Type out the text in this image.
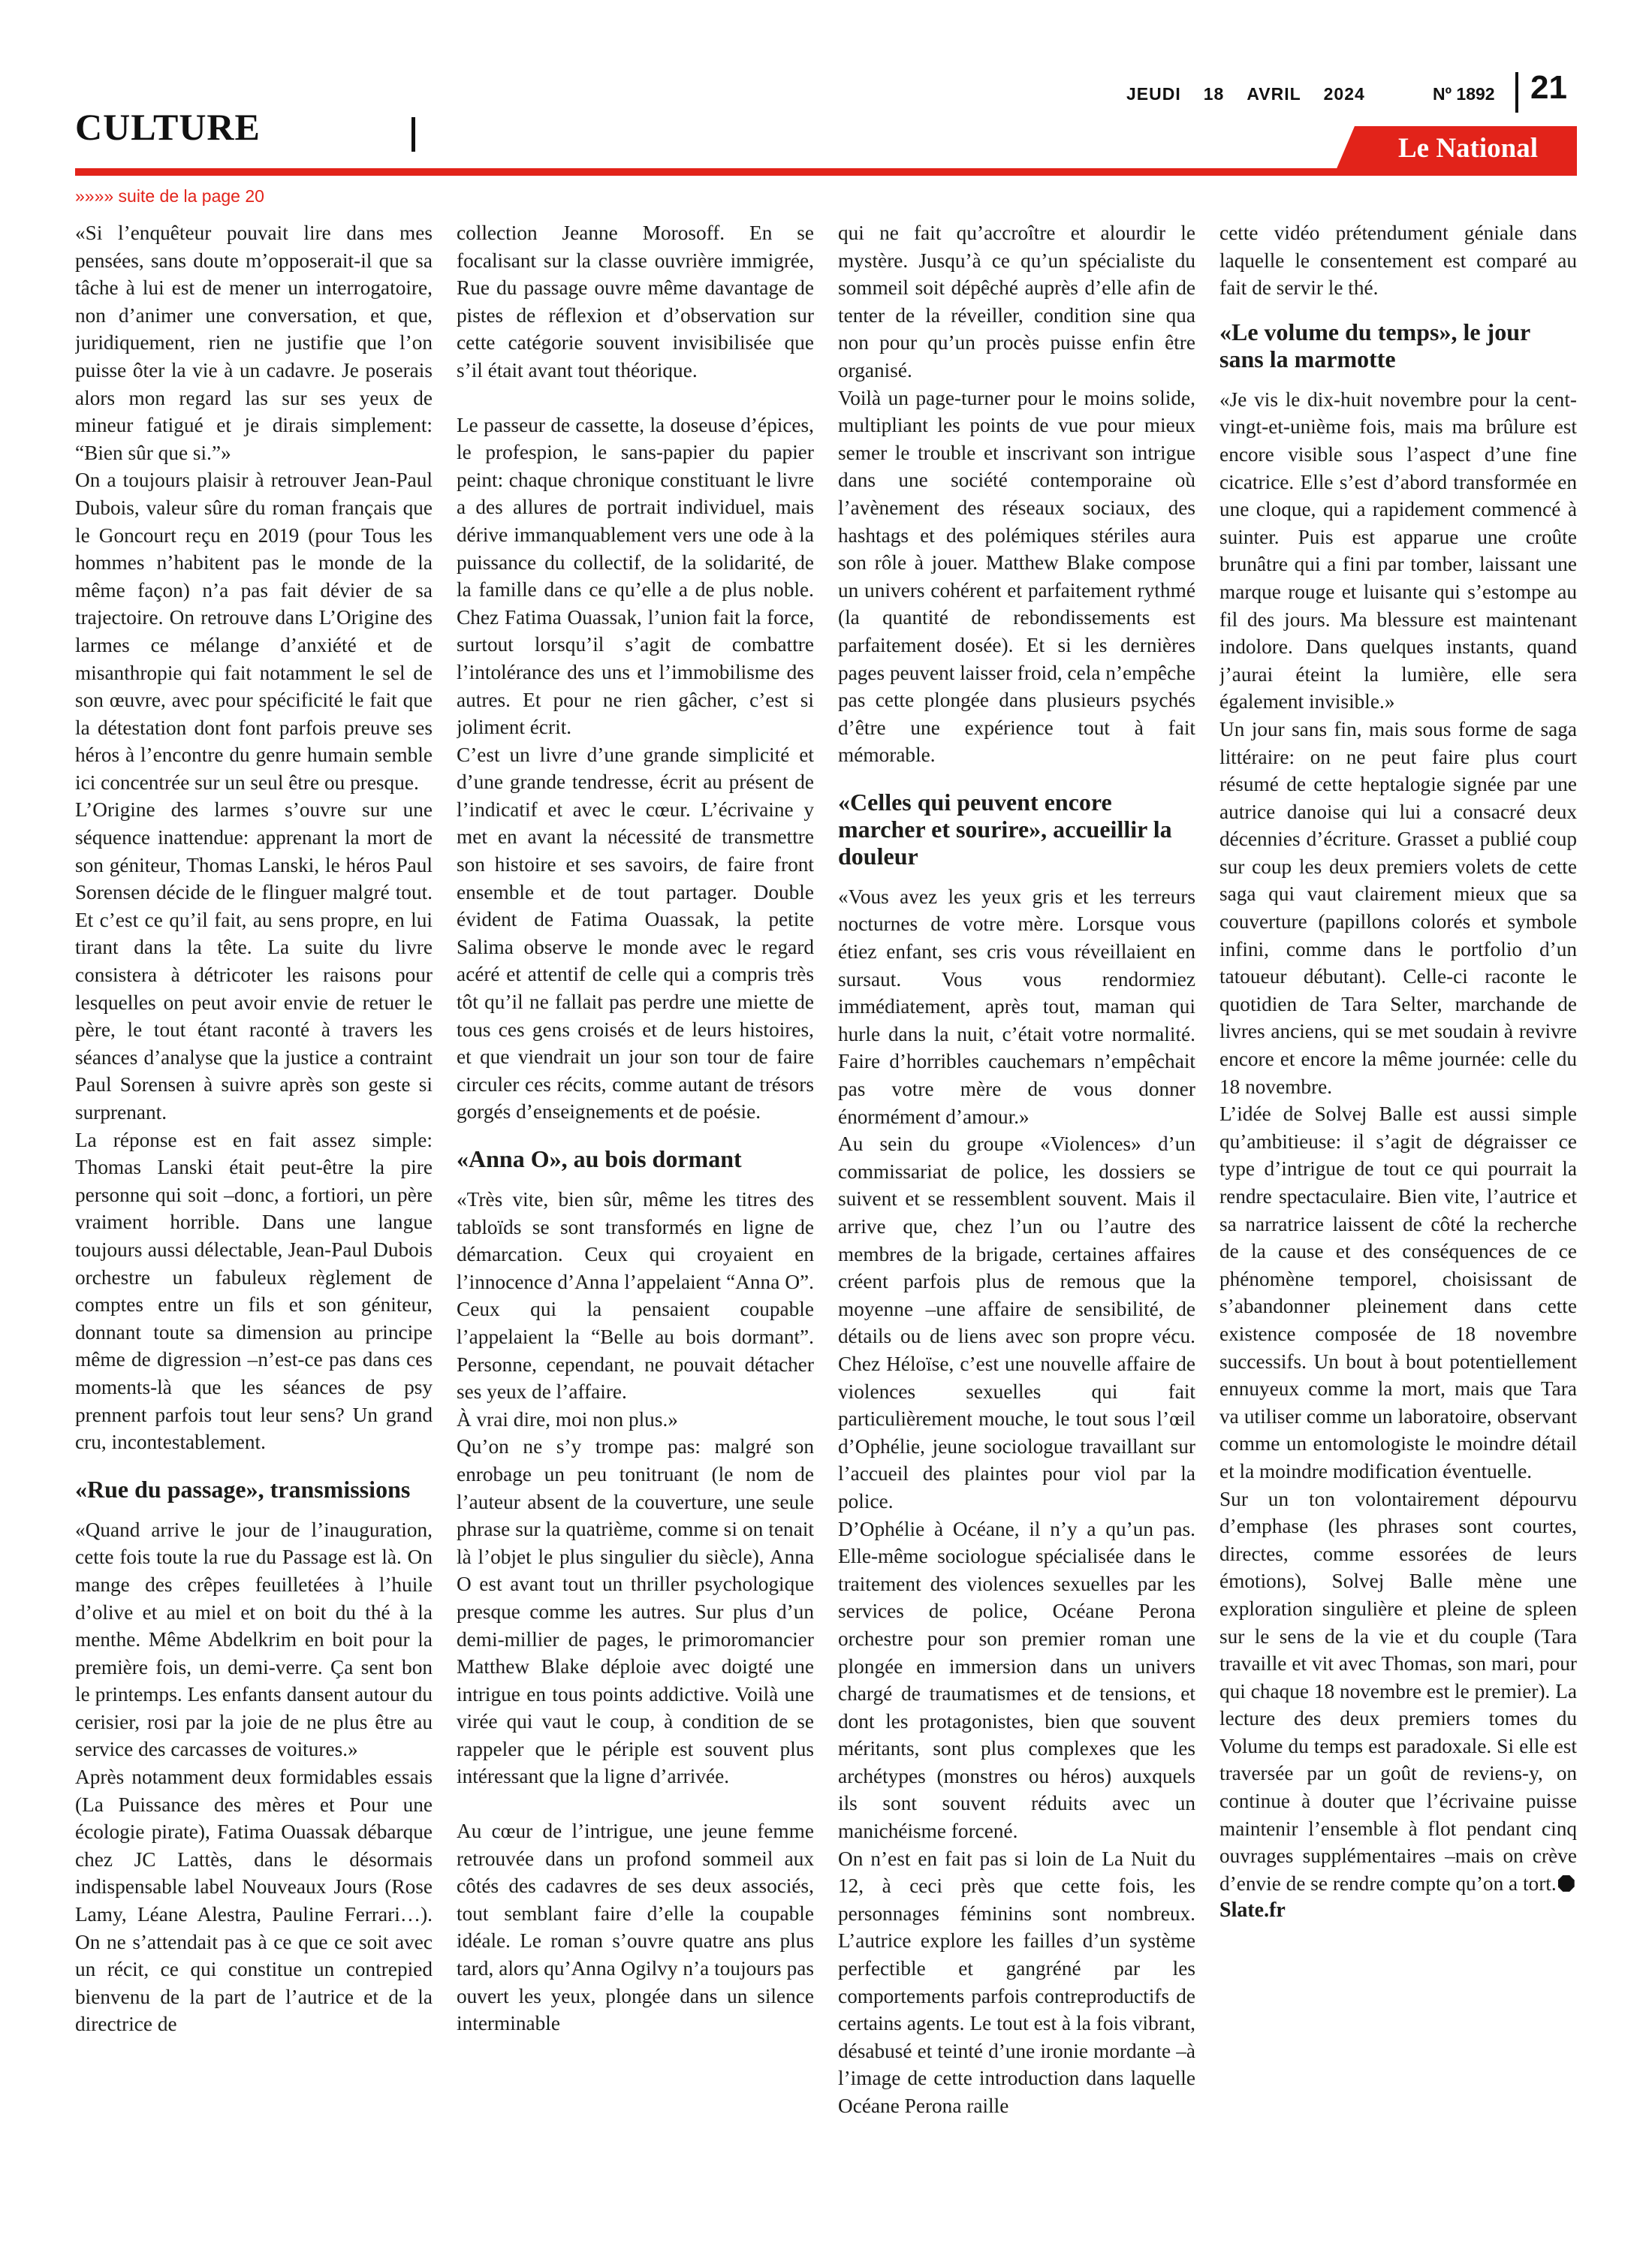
CULTURE
JEUDI 18 AVRIL 2024	Nº 1892 21
Le National
»»»» suite de la page 20

«Si l’enquêteur pouvait lire dans mes pensées, sans doute m’opposerait-il que sa tâche à lui est de mener un interrogatoire, non d’animer une conversation, et que, juridiquement, rien ne justifie que l’on puisse ôter la vie à un cadavre. Je poserais alors mon regard las sur ses yeux de mineur fatigué et je dirais simplement: “Bien sûr que si.”»

On a toujours plaisir à retrouver Jean-Paul Dubois, valeur sûre du roman français que le Goncourt reçu en 2019 (pour Tous les hommes n’habitent pas le monde de la même façon) n’a pas fait dévier de sa trajectoire. On retrouve dans L’Origine des larmes ce mélange d’anxiété et de misanthropie qui fait notamment le sel de son œuvre, avec pour spécificité le fait que la détestation dont font parfois preuve ses héros à l’encontre du genre humain semble ici concentrée sur un seul être ou presque.

L’Origine des larmes s’ouvre sur une séquence inattendue: apprenant la mort de son géniteur, Thomas Lanski, le héros Paul Sorensen décide de le flinguer malgré tout. Et c’est ce qu’il fait, au sens propre, en lui tirant dans la tête. La suite du livre consistera à détricoter les raisons pour lesquelles on peut avoir envie de retuer le père, le tout étant raconté à travers les séances d’analyse que la justice a contraint Paul Sorensen à suivre après son geste si surprenant.

La réponse est en fait assez simple: Thomas Lanski était peut-être la pire personne qui soit –donc, a fortiori, un père vraiment horrible. Dans une langue toujours aussi délectable, Jean-Paul Dubois orchestre un fabuleux règlement de comptes entre un fils et son géniteur, donnant toute sa dimension au principe même de digression –n’est-ce pas dans ces moments-là que les séances de psy prennent parfois tout leur sens? Un grand cru, incontestablement.

«Rue du passage», transmissions

«Quand arrive le jour de l’inauguration, cette fois toute la rue du Passage est là. On mange des crêpes feuilletées à l’huile d’olive et au miel et on boit du thé à la menthe. Même Abdelkrim en boit pour la première fois, un demi-verre. Ça sent bon le printemps. Les enfants dansent autour du cerisier, rosi par la joie de ne plus être au service des carcasses de voitures.»

Après notamment deux formidables essais (La Puissance des mères et Pour une écologie pirate), Fatima Ouassak débarque chez JC Lattès, dans le désormais indispensable label Nouveaux Jours (Rose Lamy, Léane Alestra, Pauline Ferrari…). On ne s’attendait pas à ce que ce soit avec un récit, ce qui constitue un contrepied bienvenu de la part de l’autrice et de la directrice de

collection Jeanne Morosoff. En se focalisant sur la classe ouvrière immigrée, Rue du passage ouvre même davantage de pistes de réflexion et d’observation sur cette catégorie souvent invisibilisée que s’il était avant tout théorique.

Le passeur de cassette, la doseuse d’épices, le profespion, le sans-papier du papier peint: chaque chronique constituant le livre a des allures de portrait individuel, mais dérive immanquablement vers une ode à la puissance du collectif, de la solidarité, de la famille dans ce qu’elle a de plus noble. Chez Fatima Ouassak, l’union fait la force, surtout lorsqu’il s’agit de combattre l’intolérance des uns et l’immobilisme des autres. Et pour ne rien gâcher, c’est si joliment écrit.

C’est un livre d’une grande simplicité et d’une grande tendresse, écrit au présent de l’indicatif et avec le cœur. L’écrivaine y met en avant la nécessité de transmettre son histoire et ses savoirs, de faire front ensemble et de tout partager. Double évident de Fatima Ouassak, la petite Salima observe le monde avec le regard acéré et attentif de celle qui a compris très tôt qu’il ne fallait pas perdre une miette de tous ces gens croisés et de leurs histoires, et que viendrait un jour son tour de faire circuler ces récits, comme autant de trésors gorgés d’enseignements et de poésie.

«Anna O», au bois dormant

«Très vite, bien sûr, même les titres des tabloïds se sont transformés en ligne de démarcation. Ceux qui croyaient en l’innocence d’Anna l’appelaient “Anna O”. Ceux qui la pensaient coupable l’appelaient la “Belle au bois dormant”. Personne, cependant, ne pouvait détacher ses yeux de l’affaire.

À vrai dire, moi non plus.»

Qu’on ne s’y trompe pas: malgré son enrobage un peu tonitruant (le nom de l’auteur absent de la couverture, une seule phrase sur la quatrième, comme si on tenait là l’objet le plus singulier du siècle), Anna O est avant tout un thriller psychologique presque comme les autres. Sur plus d’un demi-millier de pages, le primoromancier Matthew Blake déploie avec doigté une intrigue en tous points addictive. Voilà une virée qui vaut le coup, à condition de se rappeler que le périple est souvent plus intéressant que la ligne d’arrivée.

Au cœur de l’intrigue, une jeune femme retrouvée dans un profond sommeil aux côtés des cadavres de ses deux associés, tout semblant faire d’elle la coupable idéale. Le roman s’ouvre quatre ans plus tard, alors qu’Anna Ogilvy n’a toujours pas ouvert les yeux, plongée dans un silence interminable

qui ne fait qu’accroître et alourdir le mystère. Jusqu’à ce qu’un spécialiste du sommeil soit dépêché auprès d’elle afin de tenter de la réveiller, condition sine qua non pour qu’un procès puisse enfin être organisé.

Voilà un page-turner pour le moins solide, multipliant les points de vue pour mieux semer le trouble et inscrivant son intrigue dans une société contemporaine où l’avènement des réseaux sociaux, des hashtags et des polémiques stériles aura son rôle à jouer. Matthew Blake compose un univers cohérent et parfaitement rythmé (la quantité de rebondissements est parfaitement dosée). Et si les dernières pages peuvent laisser froid, cela n’empêche pas cette plongée dans plusieurs psychés d’être une expérience tout à fait mémorable.

«Celles qui peuvent encore marcher et sourire», accueillir la douleur

«Vous avez les yeux gris et les terreurs nocturnes de votre mère. Lorsque vous étiez enfant, ses cris vous réveillaient en sursaut. Vous vous rendormiez immédiatement, après tout, maman qui hurle dans la nuit, c’était votre normalité. Faire d’horribles cauchemars n’empêchait pas votre mère de vous donner énormément d’amour.»

Au sein du groupe «Violences» d’un commissariat de police, les dossiers se suivent et se ressemblent souvent. Mais il arrive que, chez l’un ou l’autre des membres de la brigade, certaines affaires créent parfois plus de remous que la moyenne –une affaire de sensibilité, de détails ou de liens avec son propre vécu. Chez Héloïse, c’est une nouvelle affaire de violences sexuelles qui fait particulièrement mouche, le tout sous l’œil d’Ophélie, jeune sociologue travaillant sur l’accueil des plaintes pour viol par la police.

D’Ophélie à Océane, il n’y a qu’un pas. Elle-même sociologue spécialisée dans le traitement des violences sexuelles par les services de police, Océane Perona orchestre pour son premier roman une plongée en immersion dans un univers chargé de traumatismes et de tensions, et dont les protagonistes, bien que souvent méritants, sont plus complexes que les archétypes (monstres ou héros) auxquels ils sont souvent réduits avec un manichéisme forcené.

On n’est en fait pas si loin de La Nuit du 12, à ceci près que cette fois, les personnages féminins sont nombreux. L’autrice explore les failles d’un système perfectible et gangréné par les comportements parfois contreproductifs de certains agents. Le tout est à la fois vibrant, désabusé et teinté d’une ironie mordante –à l’image de cette introduction dans laquelle Océane Perona raille

cette vidéo prétendument géniale dans laquelle le consentement est comparé au fait de servir le thé.

«Le volume du temps», le jour sans la marmotte

«Je vis le dix-huit novembre pour la cent-vingt-et-unième fois, mais ma brûlure est encore visible sous l’aspect d’une fine cicatrice. Elle s’est d’abord transformée en une cloque, qui a rapidement commencé à suinter. Puis est apparue une croûte brunâtre qui a fini par tomber, laissant une marque rouge et luisante qui s’estompe au fil des jours. Ma blessure est maintenant indolore. Dans quelques instants, quand j’aurai éteint la lumière, elle sera également invisible.»

Un jour sans fin, mais sous forme de saga littéraire: on ne peut faire plus court résumé de cette heptalogie signée par une autrice danoise qui lui a consacré deux décennies d’écriture. Grasset a publié coup sur coup les deux premiers volets de cette saga qui vaut clairement mieux que sa couverture (papillons colorés et symbole infini, comme dans le portfolio d’un tatoueur débutant). Celle-ci raconte le quotidien de Tara Selter, marchande de livres anciens, qui se met soudain à revivre encore et encore la même journée: celle du 18 novembre.

L’idée de Solvej Balle est aussi simple qu’ambitieuse: il s’agit de dégraisser ce type d’intrigue de tout ce qui pourrait la rendre spectaculaire. Bien vite, l’autrice et sa narratrice laissent de côté la recherche de la cause et des conséquences de ce phénomène temporel, choisissant de s’abandonner pleinement dans cette existence composée de 18 novembre successifs. Un bout à bout potentiellement ennuyeux comme la mort, mais que Tara va utiliser comme un laboratoire, observant comme un entomologiste le moindre détail et la moindre modification éventuelle.

Sur un ton volontairement dépourvu d’emphase (les phrases sont courtes, directes, comme essorées de leurs émotions), Solvej Balle mène une exploration singulière et pleine de spleen sur le sens de la vie et du couple (Tara travaille et vit avec Thomas, son mari, pour qui chaque 18 novembre est le premier). La lecture des deux premiers tomes du Volume du temps est paradoxale. Si elle est traversée par un goût de reviens-y, on continue à douter que l’écrivaine puisse maintenir l’ensemble à flot pendant cinq ouvrages supplémentaires –mais on crève d’envie de se rendre compte qu’on a tort.

Slate.fr
